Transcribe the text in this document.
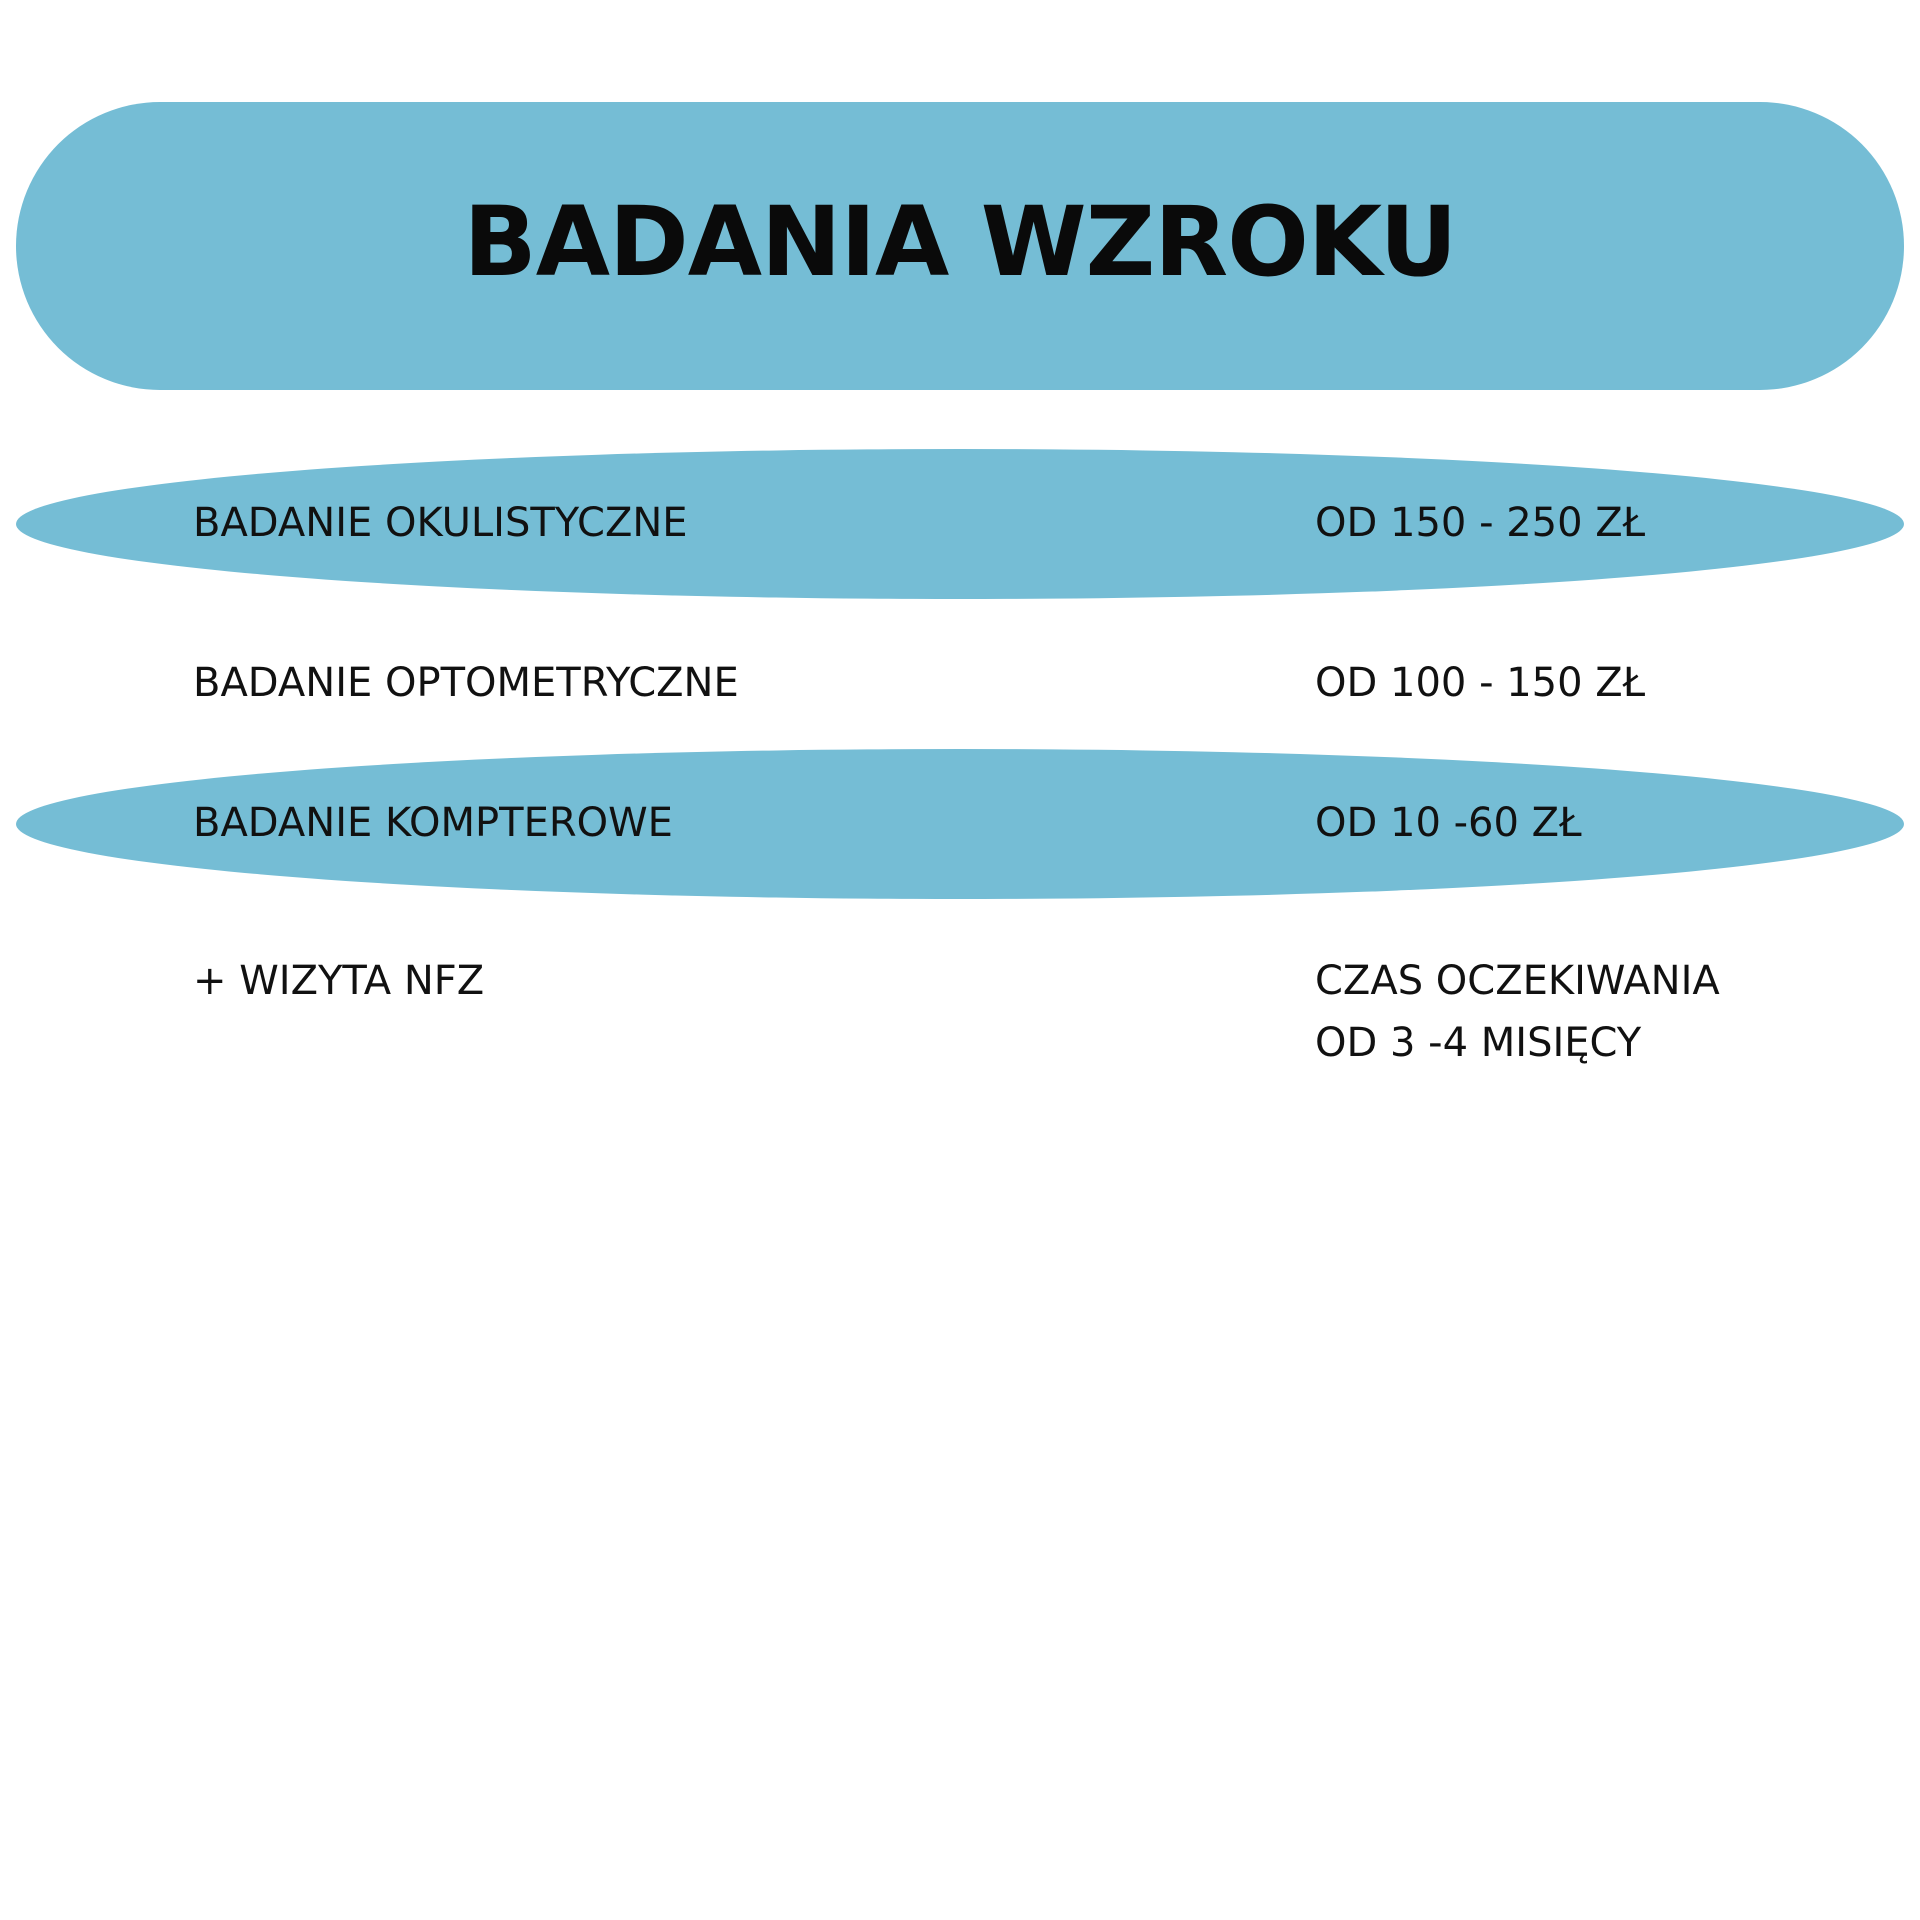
BADANIA WZROKU
BADANIE OKULISTYCZNE	OD 150 - 250 ZŁ
BADANIE OPTOMETRYCZNE	OD 100 - 150 ZŁ
BADANIE KOMPTEROWE	OD 10 -60 ZŁ
+ WIZYTA NFZ	CZAS OCZEKIWANIA
OD 3 -4 MISIĘCY
